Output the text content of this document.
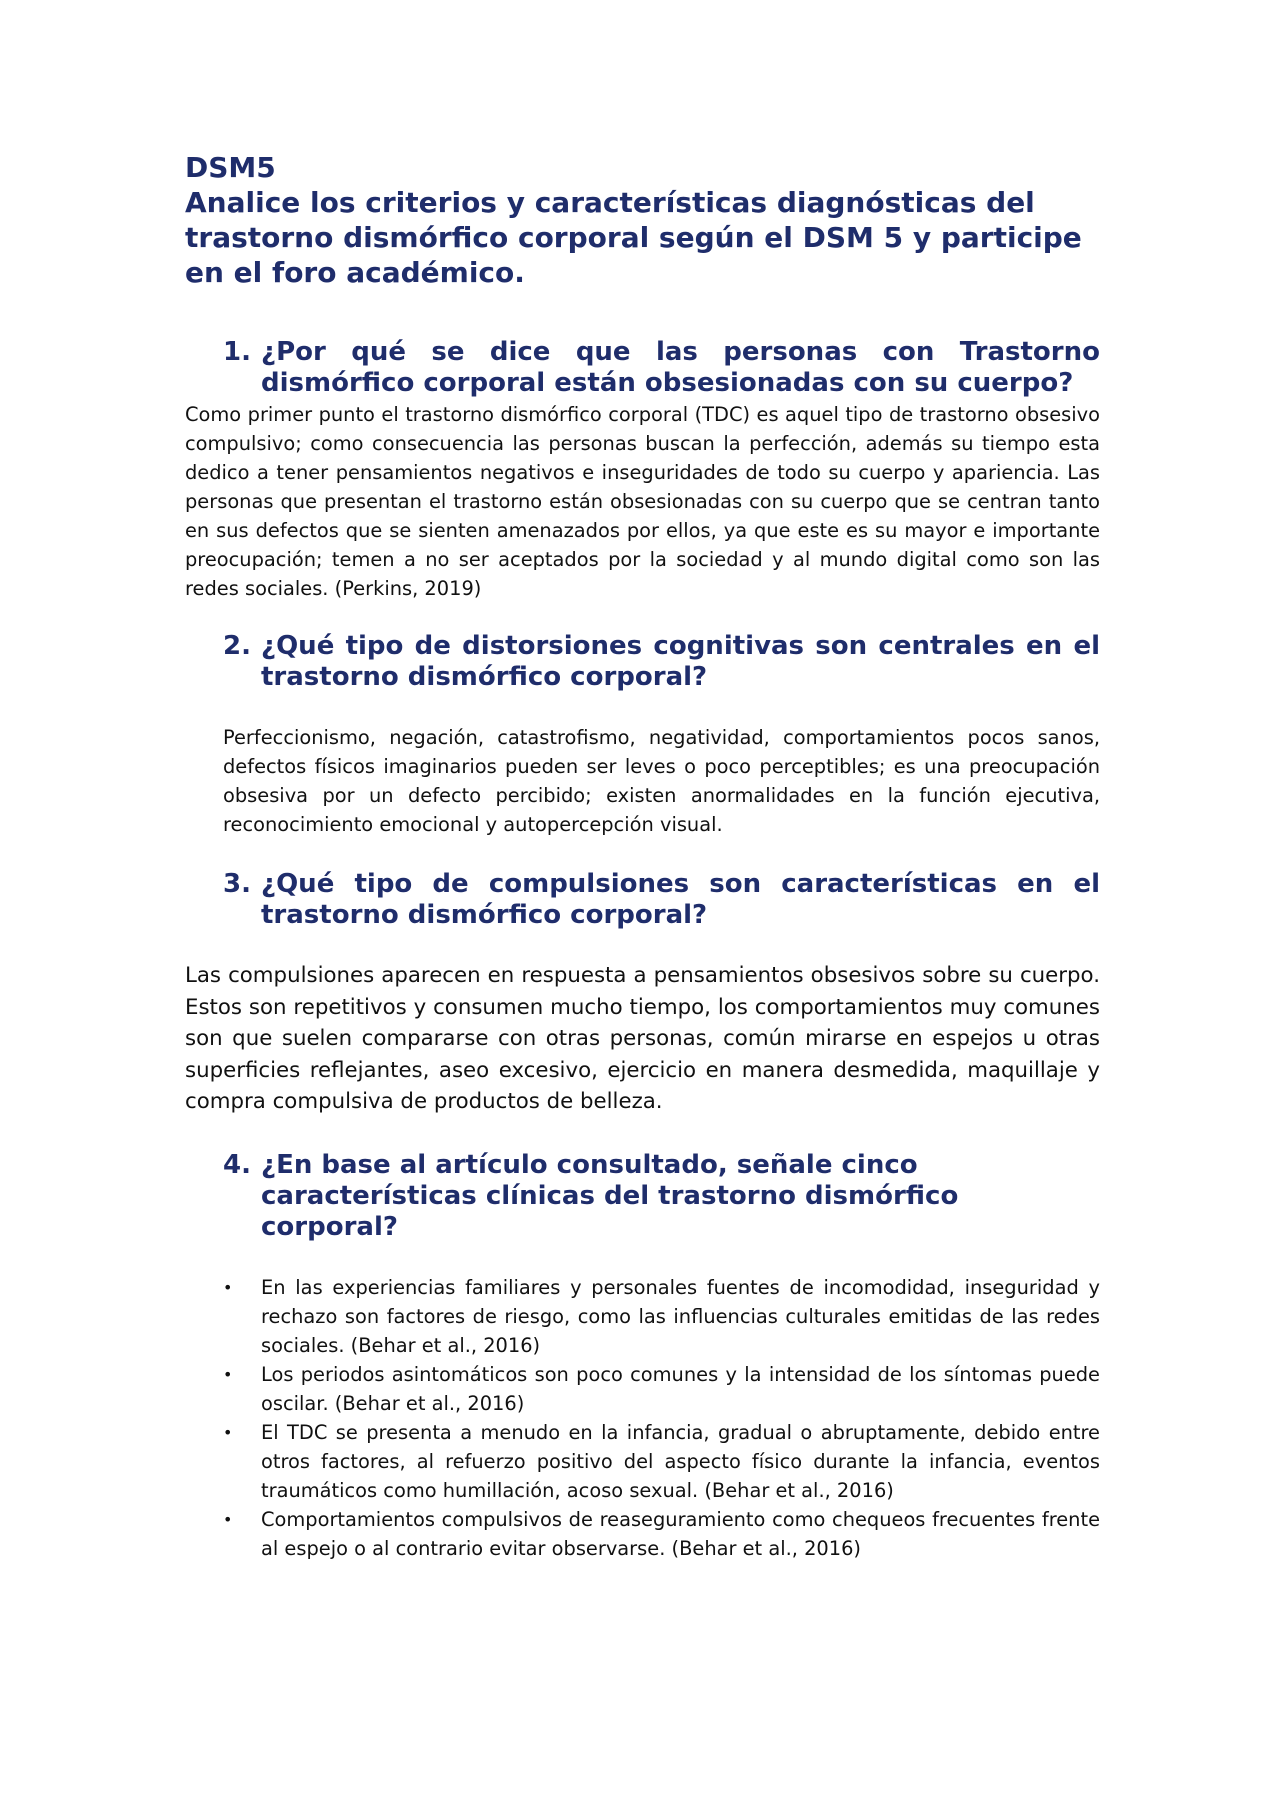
DSM5
Analice los criterios y características diagnósticas del trastorno dismórfico corporal según el DSM 5 y participe en el foro académico.
1. ¿Por qué se dice que las personas con Trastorno dismórfico corporal están obsesionadas con su cuerpo?

Como primer punto el trastorno dismórfico corporal (TDC) es aquel tipo de trastorno obsesivo compulsivo; como consecuencia las personas buscan la perfección, además su tiempo esta dedico a tener pensamientos negativos e inseguridades de todo su cuerpo y apariencia. Las personas que presentan el trastorno están obsesionadas con su cuerpo que se centran tanto en sus defectos que se sienten amenazados por ellos, ya que este es su mayor e importante preocupación; temen a no ser aceptados por la sociedad y al mundo digital como son las redes sociales. (Perkins, 2019)

2. ¿Qué tipo de distorsiones cognitivas son centrales en el trastorno dismórfico corporal?

Perfeccionismo, negación, catastrofismo, negatividad, comportamientos pocos sanos, defectos físicos imaginarios pueden ser leves o poco perceptibles; es una preocupación obsesiva por un defecto percibido; existen anormalidades en la función ejecutiva, reconocimiento emocional y autopercepción visual.

3. ¿Qué tipo de compulsiones son características en el trastorno dismórfico corporal?

Las compulsiones aparecen en respuesta a pensamientos obsesivos sobre su cuerpo. Estos son repetitivos y consumen mucho tiempo, los comportamientos muy comunes son que suelen compararse con otras personas, común mirarse en espejos u otras superficies reflejantes, aseo excesivo, ejercicio en manera desmedida, maquillaje y compra compulsiva de productos de belleza.

4. ¿En base al artículo consultado, señale cinco características clínicas del trastorno dismórfico corporal?
•	En las experiencias familiares y personales fuentes de incomodidad, inseguridad y rechazo son factores de riesgo, como las influencias culturales emitidas de las redes sociales. (Behar et al., 2016)
•	Los periodos asintomáticos son poco comunes y la intensidad de los síntomas puede oscilar. (Behar et al., 2016)
•	El TDC se presenta a menudo en la infancia, gradual o abruptamente, debido entre otros factores, al refuerzo positivo del aspecto físico durante la infancia, eventos traumáticos como humillación, acoso sexual. (Behar et al., 2016)
•	Comportamientos compulsivos de reaseguramiento como chequeos frecuentes frente al espejo o al contrario evitar observarse. (Behar et al., 2016)
